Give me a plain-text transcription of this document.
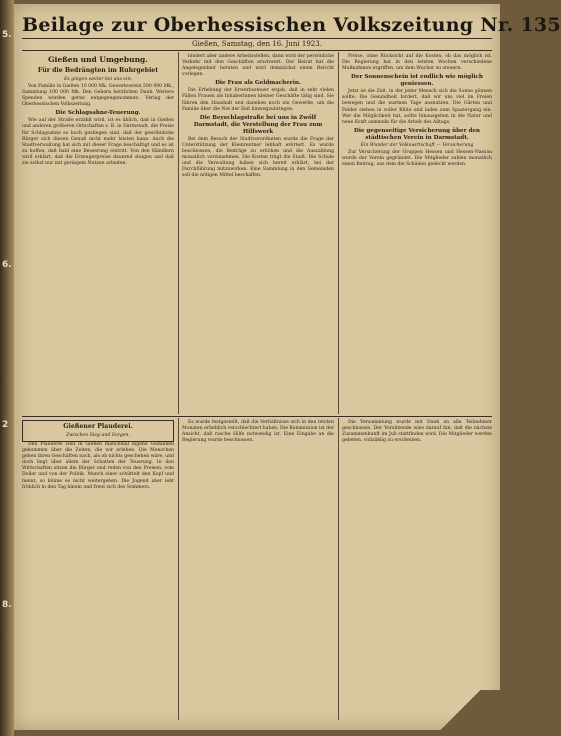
5.
6.
2
8.
Beilage zur Oberhessischen Volkszeitung Nr. 135
Gießen, Samstag, den 16. Juni 1923.
Gießen und Umgebung.
Für die Bedrängten im Ruhrgebiet
Es gingen weiter bei uns ein:

Von Familie in Gießen 10 000 Mk. Gewerkverein 500 000 Mk., Sammlung 100 000 Mk. Den Gebern herzlichen Dank. Weitere Spenden werden gerne entgegengenommen. Verlag der Oberhessischen Volkszeitung.

Die Schlagsahne-Teuerung.

Wie auf der Straße erzählt wird, ist es üblich, daß in Gießen und anderen größeren Ortschaften z. B. in Darmstadt, die Preise für Schlagsahne so hoch gestiegen sind, daß der gewöhnliche Bürger sich diesen Genuß nicht mehr leisten kann. Auch die Stadtverwaltung hat sich mit dieser Frage beschäftigt und es ist zu hoffen, daß bald eine Besserung eintritt. Von den Händlern wird erklärt, daß die Erzeugerpreise dauernd steigen und daß sie selbst nur mit geringem Nutzen arbeiten.

bindert aber andere Arbeitsstellen, dann wird der persönliche Verkehr mit den Geschäften erschwert. Der Beirat hat die Angelegenheit beraten und wird demnächst einen Bericht vorlegen.

Die Frau als Geldmacherin.

Die Erhebung der Erwerbssteuer ergab, daß in sehr vielen Fällen Frauen als Inhaberinnen kleiner Geschäfte tätig sind. Sie führen den Haushalt und daneben noch ein Gewerbe, um die Familie über die Not der Zeit hinwegzubringen.

Die Beyschlagstraße bei uns in Zwölf Darmstadt, die Verstellung der Frau zum Hilfswerk

Bei dem Besuch der Stadtverordneten wurde die Frage der Unterstützung der Kleinrentner lebhaft erörtert. Es wurde beschlossen, die Beiträge zu erhöhen und die Auszahlung monatlich vorzunehmen. Die Kosten trägt die Stadt. Die Schule und die Verwaltung haben sich bereit erklärt, bei der Durchführung mitzuwirken. Eine Sammlung in den Gemeinden soll die nötigen Mittel beschaffen.

Preise, ohne Rücksicht auf die Kosten, ob das möglich ist. Die Regierung hat in den letzten Wochen verschiedene Maßnahmen ergriffen, um dem Wucher zu steuern.

Der Sonnenschein ist endlich wie möglich geniessen.

Jetzt ist die Zeit, in der jeder Mensch sich die Sonne gönnen sollte. Die Gesundheit fordert, daß wir uns viel im Freien bewegen und die warmen Tage ausnutzen. Die Gärten und Felder stehen in voller Blüte und laden zum Spaziergang ein. Wer die Möglichkeit hat, sollte hinausgehen in die Natur und neue Kraft sammeln für die Arbeit des Alltags.

Die gegenseitige Versicherung über den städtischen Verein in Darmstadt.
Ein Wunder der Volkswirtschaft — Versicherung

Zur Versicherung der Gruppen Hessen und Hessen-Nassau wurde der Verein gegründet. Die Mitglieder zahlen monatlich einen Beitrag, aus dem die Schäden gedeckt werden.

Gießener Plauderei.
Zwischen Sieg und Sorgen.

Den Plauderei sind in Gießen manchmal eigene Gedanken gekommen über die Zeiten, die wir erleben. Die Menschen gehen ihren Geschäften nach, als ob nichts geschehen wäre, und doch liegt über allem der Schatten der Teuerung. In den Wirtschaften sitzen die Bürger und reden von den Preisen, vom Dollar und von der Politik. Manch einer schüttelt den Kopf und meint, so könne es nicht weitergehen. Die Jugend aber lebt fröhlich in den Tag hinein und freut sich des Sommers.

Es wurde festgestellt, daß die Verhältnisse sich in den letzten Monaten erheblich verschlechtert haben. Die Kommission ist der Ansicht, daß rasche Hilfe notwendig ist. Eine Eingabe an die Regierung wurde beschlossen.

Die Versammlung wurde mit Dank an alle Teilnehmer geschlossen. Der Vorsitzende wies darauf hin, daß die nächste Zusammenkunft im Juli stattfinden wird. Die Mitglieder werden gebeten, vollzählig zu erscheinen.
